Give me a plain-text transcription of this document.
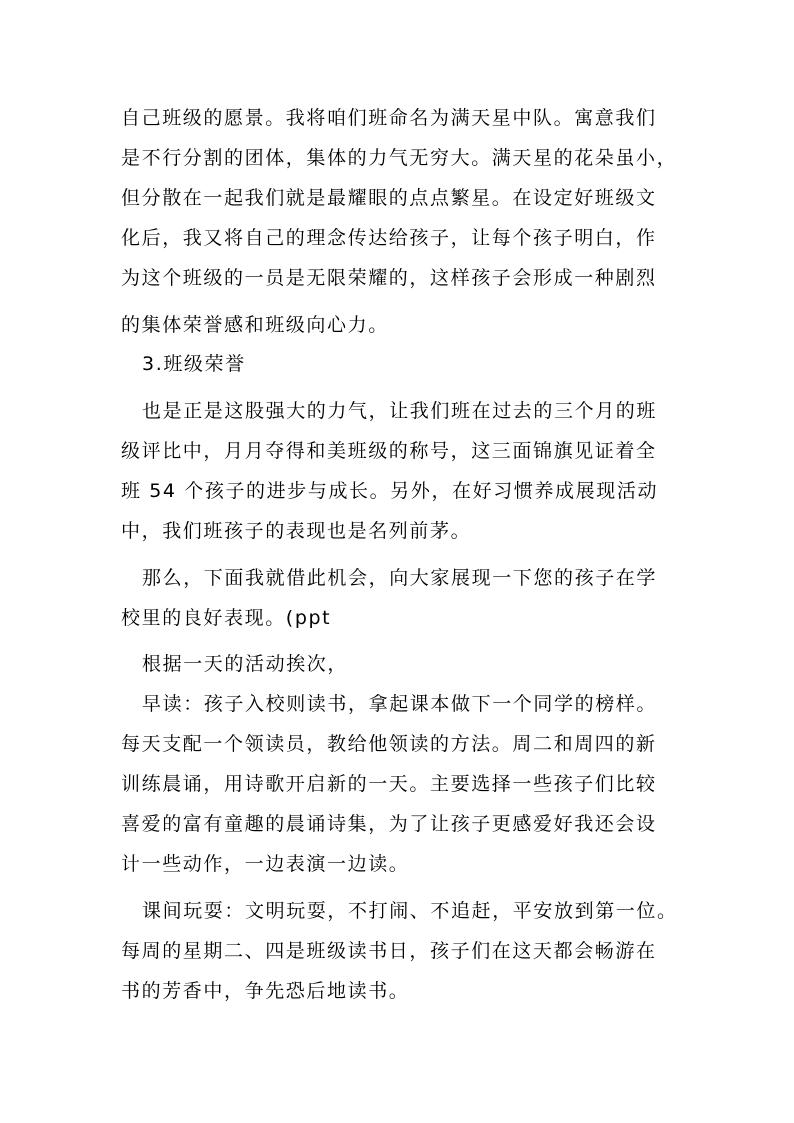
自己班级的愿景。我将咱们班命名为满天星中队。寓意我们
是不行分割的团体，集体的力气无穷大。满天星的花朵虽小，
但分散在一起我们就是最耀眼的点点繁星。在设定好班级文
化后，我又将自己的理念传达给孩子，让每个孩子明白，作
为这个班级的一员是无限荣耀的，这样孩子会形成一种剧烈
的集体荣誉感和班级向心力。
3.班级荣誉
也是正是这股强大的力气，让我们班在过去的三个月的班
级评比中，月月夺得和美班级的称号，这三面锦旗见证着全
班 54 个孩子的进步与成长。另外，在好习惯养成展现活动
中，我们班孩子的表现也是名列前茅。
那么，下面我就借此机会，向大家展现一下您的孩子在学
校里的良好表现。(ppt
根据一天的活动挨次，
早读：孩子入校则读书，拿起课本做下一个同学的榜样。
每天支配一个领读员，教给他领读的方法。周二和周四的新
训练晨诵，用诗歌开启新的一天。主要选择一些孩子们比较
喜爱的富有童趣的晨诵诗集，为了让孩子更感爱好我还会设
计一些动作，一边表演一边读。
课间玩耍：文明玩耍，不打闹、不追赶，平安放到第一位。
每周的星期二、四是班级读书日，孩子们在这天都会畅游在
书的芳香中，争先恐后地读书。
